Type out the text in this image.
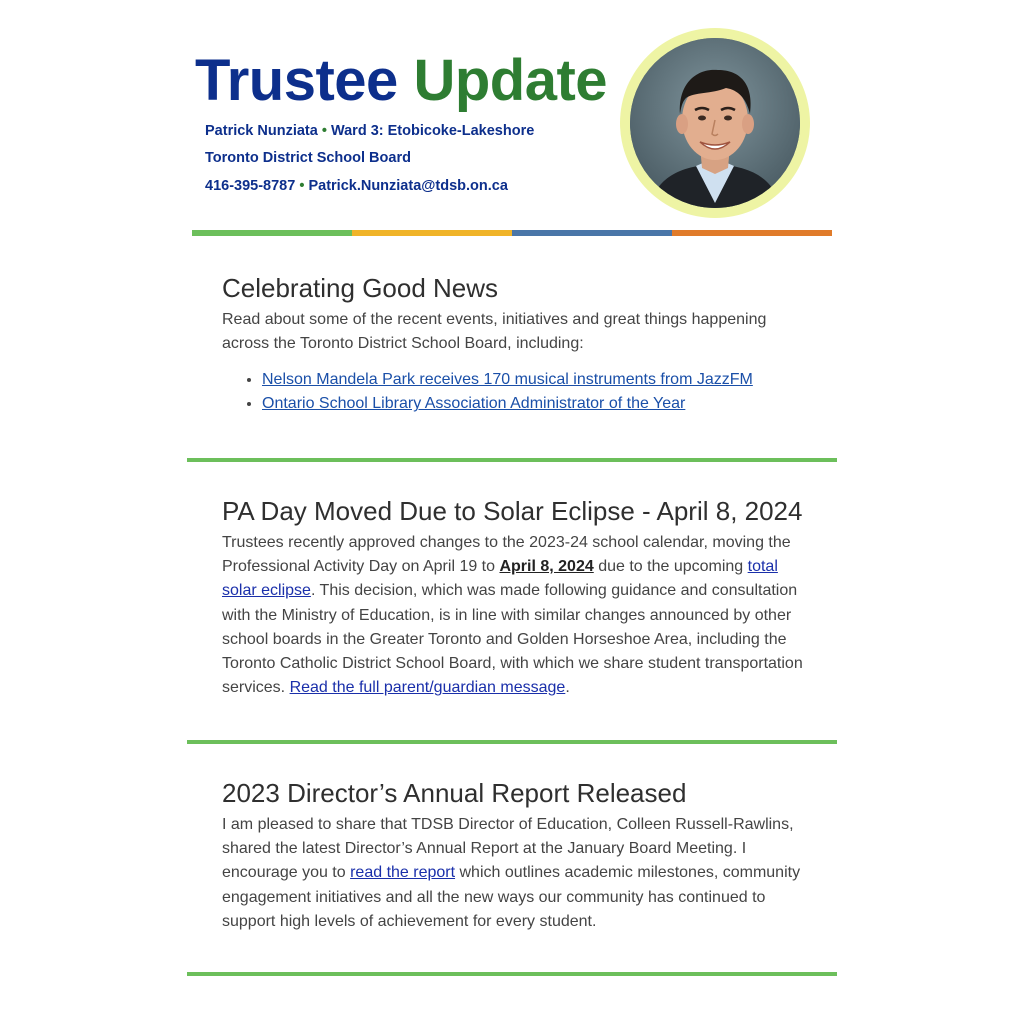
Trustee Update
Patrick Nunziata • Ward 3: Etobicoke-Lakeshore
Toronto District School Board
416-395-8787 • Patrick.Nunziata@tdsb.on.ca
Celebrating Good News

Read about some of the recent events, initiatives and great things happening across the Toronto District School Board, including:

• Nelson Mandela Park receives 170 musical instruments from JazzFM
• Ontario School Library Association Administrator of the Year
PA Day Moved Due to Solar Eclipse - April 8, 2024

Trustees recently approved changes to the 2023-24 school calendar, moving the Professional Activity Day on April 19 to April 8, 2024 due to the upcoming total solar eclipse. This decision, which was made following guidance and consultation with the Ministry of Education, is in line with similar changes announced by other school boards in the Greater Toronto and Golden Horseshoe Area, including the Toronto Catholic District School Board, with which we share student transportation services. Read the full parent/guardian message.

2023 Director’s Annual Report Released

I am pleased to share that TDSB Director of Education, Colleen Russell-Rawlins, shared the latest Director’s Annual Report at the January Board Meeting. I encourage you to read the report which outlines academic milestones, community engagement initiatives and all the new ways our community has continued to support high levels of achievement for every student.
